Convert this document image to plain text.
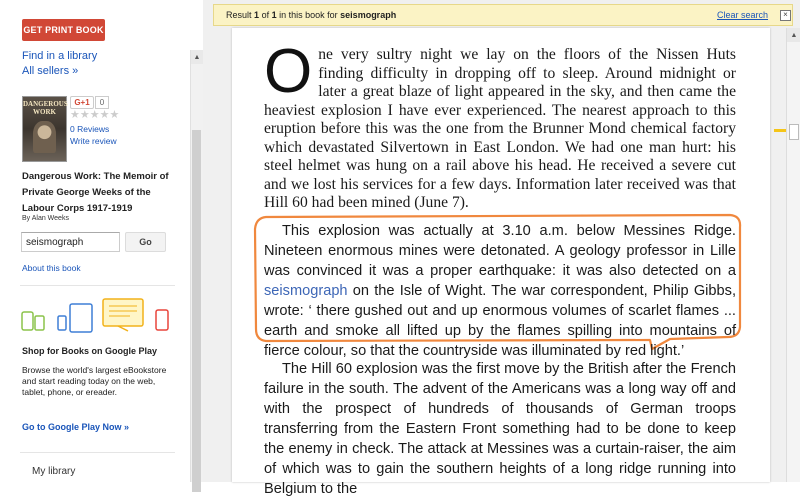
GET PRINT BOOK
Find in a library
All sellers »
DANGEROUS WORK
G+1	0
★★★★★
0 Reviews
Write review
Dangerous Work: The Memoir of Private George Weeks of the Labour Corps 1917-1919
By Alan Weeks
seismograph
Go
About this book
Shop for Books on Google Play
Browse the world's largest eBookstore and start reading today on the web, tablet, phone, or ereader.
Go to Google Play Now »
My library
▲
Result 1 of 1 in this book for seismograph	Clear search	×
One very sultry night we lay on the floors of the Nissen Huts finding difficulty in dropping off to sleep. Around midnight or later a great blaze of light appeared in the sky, and then came the heaviest explosion I have ever experienced. The nearest approach to this eruption before this was the one from the Brunner Mond chemical factory which devastated Silvertown in East London. We had one man hurt: his steel helmet was hung on a rail above his head. He received a severe cut and we lost his services for a few days. Information later received was that Hill 60 had been mined (June 7).
This explosion was actually at 3.10 a.m. below Messines Ridge. Nineteen enormous mines were detonated. A geology professor in Lille was convinced it was a proper earthquake: it was also detected on a seismograph on the Isle of Wight. The war correspondent, Philip Gibbs, wrote: ‘ there gushed out and up enormous volumes of scarlet flames ... earth and smoke all lifted up by the flames spilling into mountains of fierce colour, so that the countryside was illuminated by red light.’
The Hill 60 explosion was the first move by the British after the French failure in the south. The advent of the Americans was a long way off and with the prospect of hundreds of thousands of German troops transferring from the Eastern Front something had to be done to keep the enemy in check. The attack at Messines was a curtain-raiser, the aim of which was to gain the southern heights of a long ridge running into Belgium to the
▲
